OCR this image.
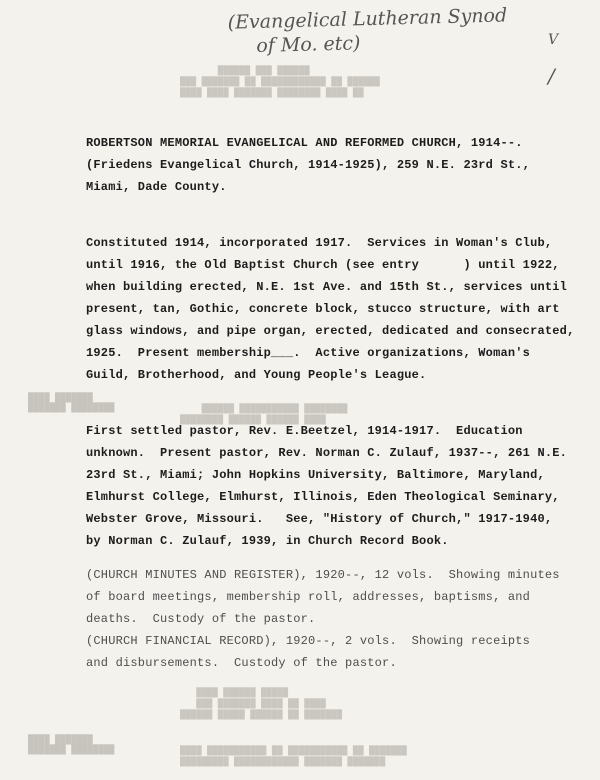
████ ████ ███████ ████████ ████ ██
███ ███████ ██ ████████████ ██ ██████
██████ ███ ██████
████████ ██████ ██████ ████
██████ ███████████ ████████
██████ █████ ██████ ██ ███████
███ ███████ ████ ██ ████
████ ██████ █████
█████████ ████████████ ███████ ███████
████ ███████████ ██ ███████████ ██ ███████
███████ ████████
████ ███████
███████ ████████
████ ███████
(Evangelical Lutheran Synod
of Mo. etc)	V
/
ROBERTSON MEMORIAL EVANGELICAL AND REFORMED CHURCH, 1914--.
(Friedens Evangelical Church, 1914-1925), 259 N.E. 23rd St.,
Miami, Dade County.
Constituted 1914, incorporated 1917.  Services in Woman's Club,
until 1916, the Old Baptist Church (see entry      ) until 1922,
when building erected, N.E. 1st Ave. and 15th St., services until
present, tan, Gothic, concrete block, stucco structure, with art
glass windows, and pipe organ, erected, dedicated and consecrated,
1925.  Present membership___.  Active organizations, Woman's
Guild, Brotherhood, and Young People's League.
First settled pastor, Rev. E.Beetzel, 1914-1917.  Education
unknown.  Present pastor, Rev. Norman C. Zulauf, 1937--, 261 N.E.
23rd St., Miami; John Hopkins University, Baltimore, Maryland,
Elmhurst College, Elmhurst, Illinois, Eden Theological Seminary,
Webster Grove, Missouri.   See, "History of Church," 1917-1940,
by Norman C. Zulauf, 1939, in Church Record Book.
(CHURCH MINUTES AND REGISTER), 1920--, 12 vols.  Showing minutes
of board meetings, membership roll, addresses, baptisms, and
deaths.  Custody of the pastor.
(CHURCH FINANCIAL RECORD), 1920--, 2 vols.  Showing receipts
and disbursements.  Custody of the pastor.
